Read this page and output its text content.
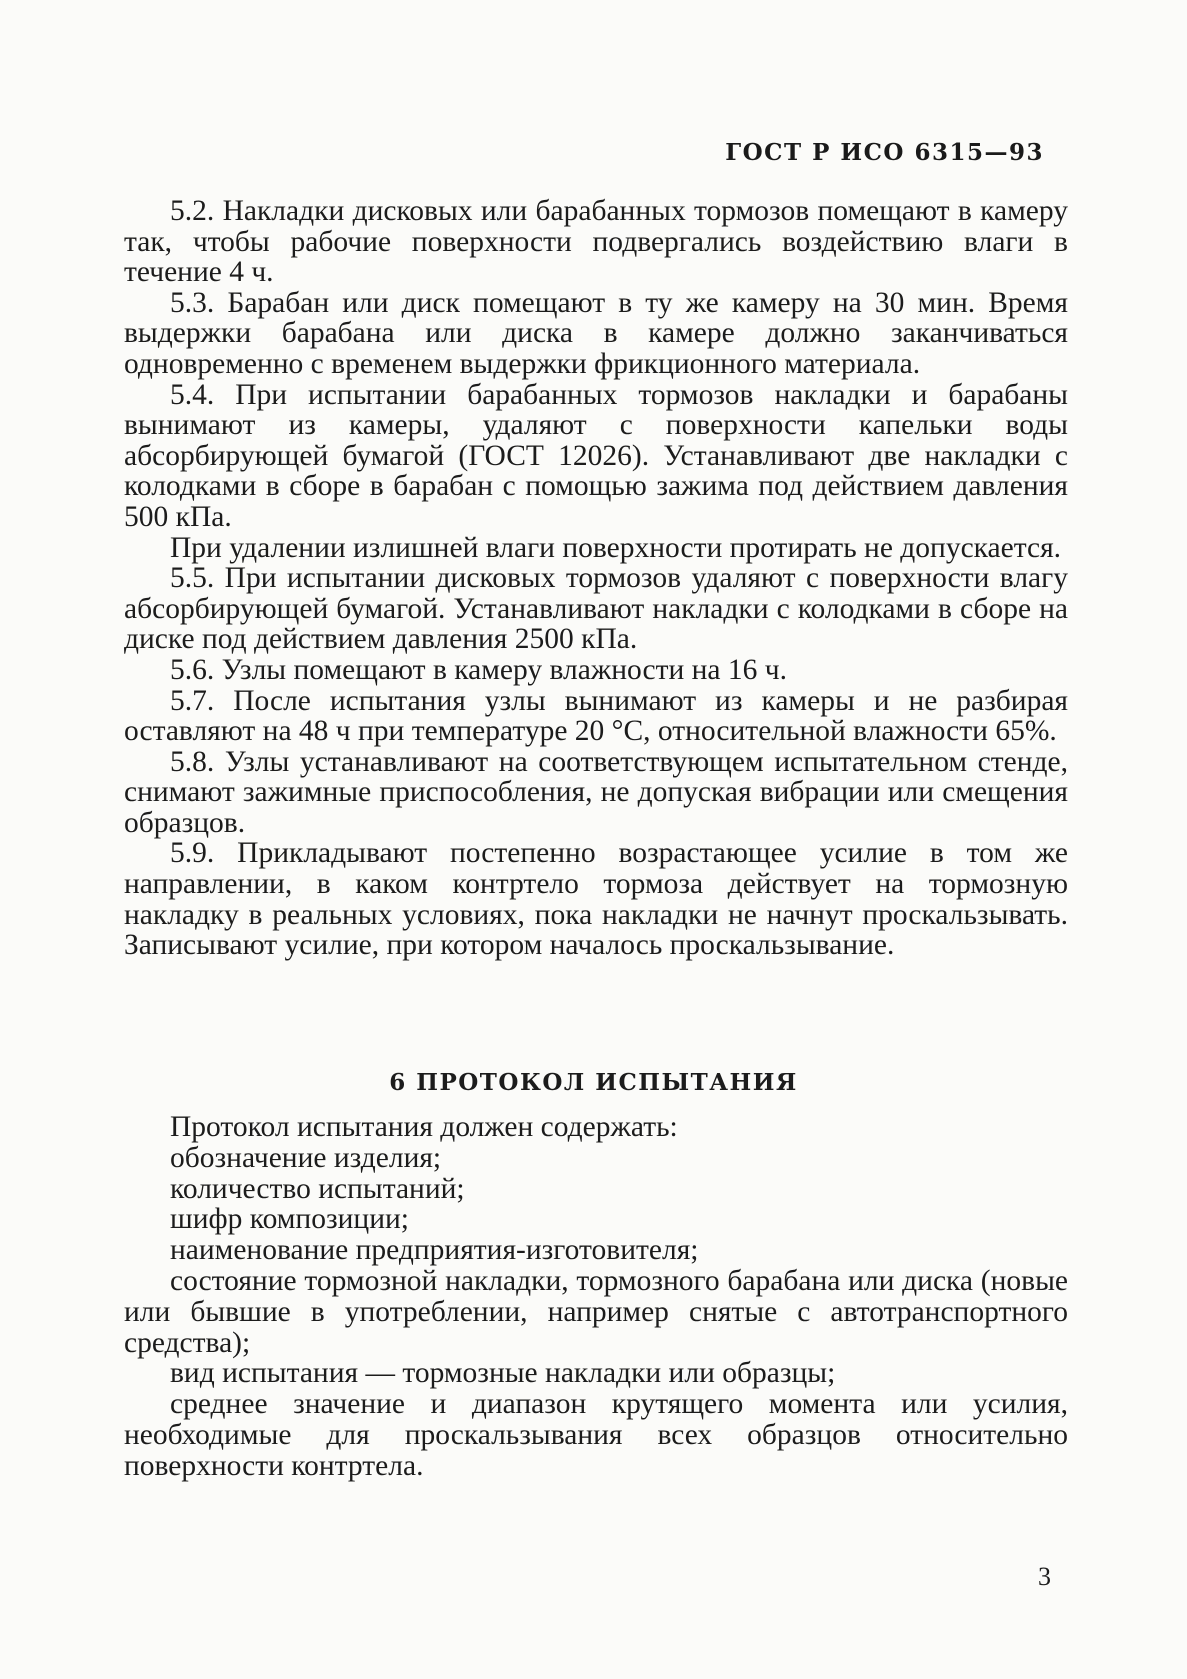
ГОСТ Р ИСО 6315—93

5.2. Накладки дисковых или барабанных тормозов помещают в камеру так, чтобы рабочие поверхности подвергались воздействию влаги в течение 4 ч.

5.3. Барабан или диск помещают в ту же камеру на 30 мин. Время выдержки барабана или диска в камере должно заканчиваться одновременно с временем выдержки фрикционного материала.

5.4. При испытании барабанных тормозов накладки и барабаны вынимают из камеры, удаляют с поверхности капельки воды абсорбирующей бумагой (ГОСТ 12026). Устанавливают две накладки с колодками в сборе в барабан с помощью зажима под действием давления 500 кПа.

При удалении излишней влаги поверхности протирать не допускается.

5.5. При испытании дисковых тормозов удаляют с поверхности влагу абсорбирующей бумагой. Устанавливают накладки с колодками в сборе на диске под действием давления 2500 кПа.

5.6. Узлы помещают в камеру влажности на 16 ч.

5.7. После испытания узлы вынимают из камеры и не разбирая оставляют на 48 ч при температуре 20 °С, относительной влажности 65%.

5.8. Узлы устанавливают на соответствующем испытательном стенде, снимают зажимные приспособления, не допуская вибрации или смещения образцов.

5.9. Прикладывают постепенно возрастающее усилие в том же направлении, в каком контртело тормоза действует на тормозную накладку в реальных условиях, пока накладки не начнут проскальзывать. Записывают усилие, при котором началось проскальзывание.

6 ПРОТОКОЛ ИСПЫТАНИЯ

Протокол испытания должен содержать:

обозначение изделия;

количество испытаний;

шифр композиции;

наименование предприятия-изготовителя;

состояние тормозной накладки, тормозного барабана или диска (новые или бывшие в употреблении, например снятые с автотранспортного средства);

вид испытания — тормозные накладки или образцы;

среднее значение и диапазон крутящего момента или усилия, необходимые для проскальзывания всех образцов относительно поверхности контртела.

3
